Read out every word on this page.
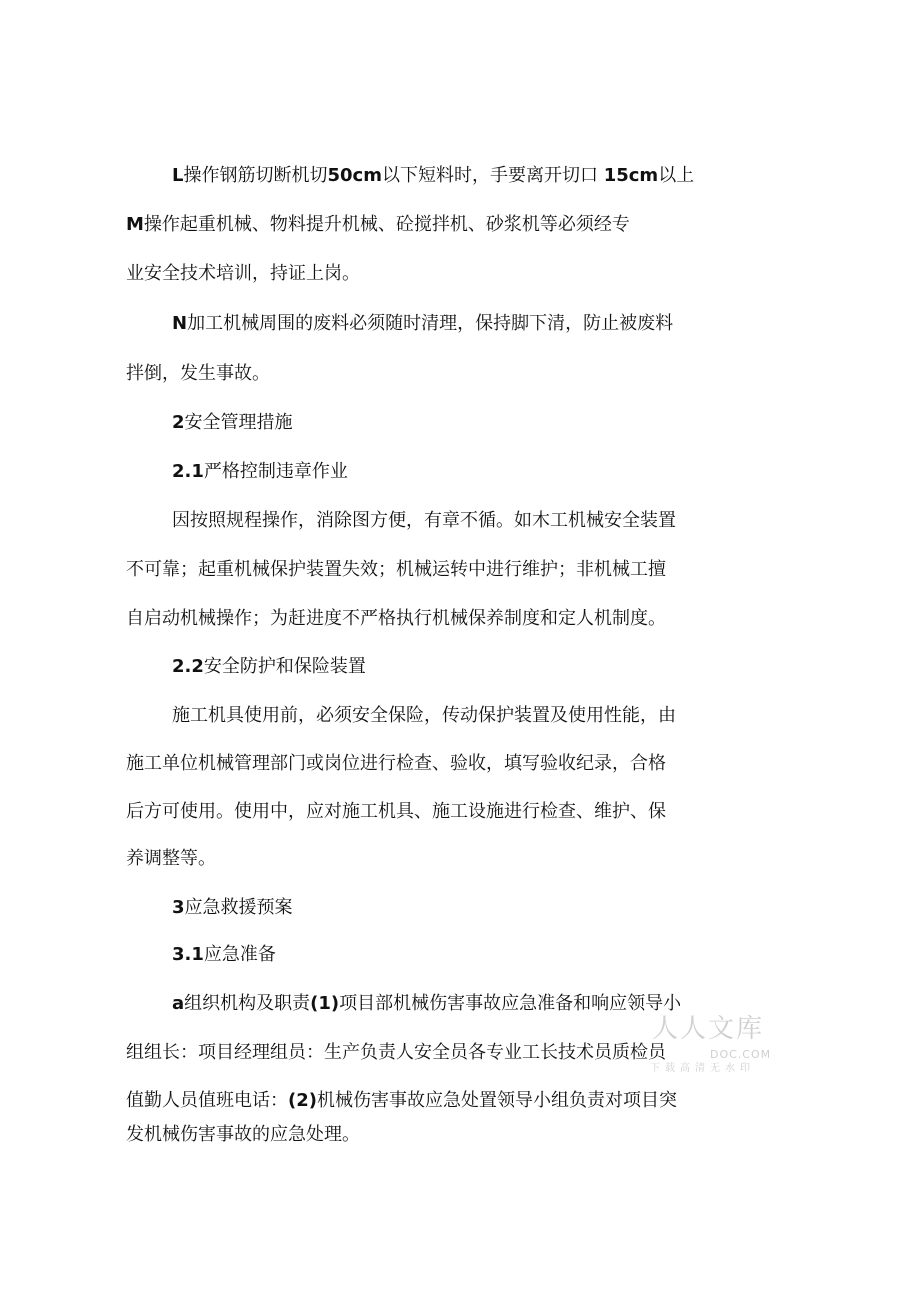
L操作钢筋切断机切50cm以下短料时，手要离开切口 15cm以上
M操作起重机械、物料提升机械、砼搅拌机、砂浆机等必须经专
业安全技术培训，持证上岗。
N加工机械周围的废料必须随时清理，保持脚下清，防止被废料
拌倒，发生事故。
2安全管理措施
2.1严格控制违章作业
因按照规程操作，消除图方便，有章不循。如木工机械安全装置
不可靠；起重机械保护装置失效；机械运转中进行维护；非机械工擅
自启动机械操作；为赶进度不严格执行机械保养制度和定人机制度。
2.2安全防护和保险装置
施工机具使用前，必须安全保险，传动保护装置及使用性能，由
施工单位机械管理部门或岗位进行检查、验收，填写验收纪录，合格
后方可使用。使用中，应对施工机具、施工设施进行检查、维护、保
养调整等。
3应急救援预案
3.1应急准备
a组织机构及职责(1)项目部机械伤害事故应急准备和响应领导小
组组长：项目经理组员：生产负责人安全员各专业工长技术员质检员
值勤人员值班电话：(2)机械伤害事故应急处置领导小组负责对项目突
发机械伤害事故的应急处理。
人人文库
DOC.COM
下载高清无水印
